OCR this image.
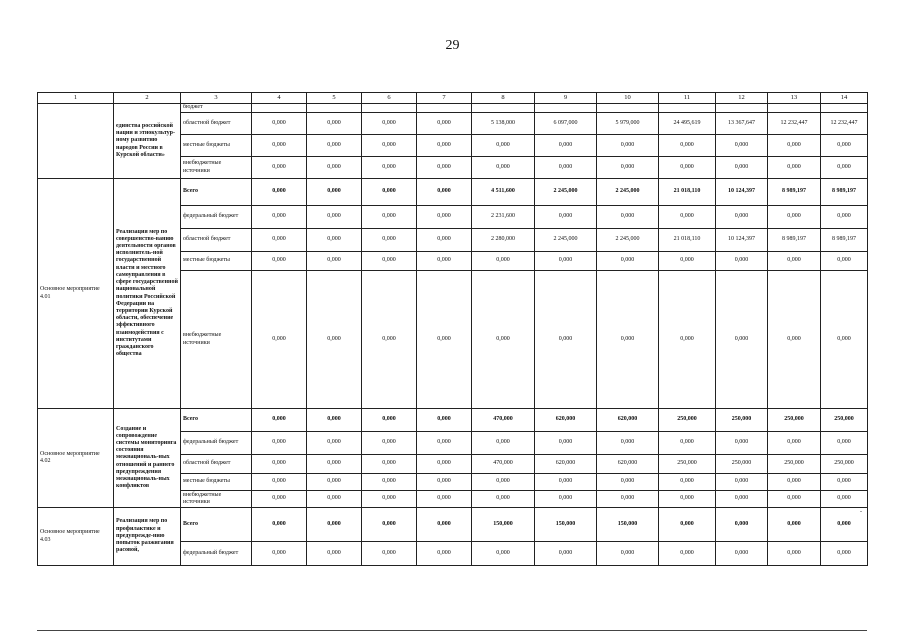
29
1	2	3	4	5	6	7	8	9	10	11	12	13	14
	единства российской нации и этнокультур-ному развитию народов России в Курской области»	бюджет											
		областной бюджет	0,000	0,000	0,000	0,000	5 138,000	6 097,000	5 979,000	24 495,619	13 367,647	12 232,447	12 232,447
		местные бюджеты	0,000	0,000	0,000	0,000	0,000	0,000	0,000	0,000	0,000	0,000	0,000
		внебюджетные источники	0,000	0,000	0,000	0,000	0,000	0,000	0,000	0,000	0,000	0,000	0,000
Основное мероприятие 4.01	Реализация мер по совершенство-ванию деятельности органов исполнитель-ной государственной власти и местного самоуправления в сфере государственной национальной политики Российской Федерации на территории Курской области, обеспечение эффективного взаимодействия с институтами гражданского общества	Всего	0,000	0,000	0,000	0,000	4 511,600	2 245,000	2 245,000	21 018,110	10 124,397	8 989,197	8 989,197
		федеральный бюджет	0,000	0,000	0,000	0,000	2 231,600	0,000	0,000	0,000	0,000	0,000	0,000
		областной бюджет	0,000	0,000	0,000	0,000	2 280,000	2 245,000	2 245,000	21 018,110	10 124,397	8 989,197	8 989,197
		местные бюджеты	0,000	0,000	0,000	0,000	0,000	0,000	0,000	0,000	0,000	0,000	0,000
		внебюджетные источники	0,000	0,000	0,000	0,000	0,000	0,000	0,000	0,000	0,000	0,000	0,000
Основное мероприятие 4.02	Создание и сопровождение системы мониторинга состояния межнациональ-ных отношений и раннего предупреждения межнациональ-ных конфликтов	Всего	0,000	0,000	0,000	0,000	470,000	620,000	620,000	250,000	250,000	250,000	250,000
		федеральный бюджет	0,000	0,000	0,000	0,000	0,000	0,000	0,000	0,000	0,000	0,000	0,000
		областной бюджет	0,000	0,000	0,000	0,000	470,000	620,000	620,000	250,000	250,000	250,000	250,000
		местные бюджеты	0,000	0,000	0,000	0,000	0,000	0,000	0,000	0,000	0,000	0,000	0,000
		внебюджетные источники	0,000	0,000	0,000	0,000	0,000	0,000	0,000	0,000	0,000	0,000	0,000
Основное мероприятие 4.03	Реализация мер по профилактике и предупрежде-нию попыток разжигания расовой,	Всего	0,000	0,000	0,000	0,000	150,000	150,000	150,000	0,000	0,000	0,000	0,000
		федеральный бюджет	0,000	0,000	0,000	0,000	0,000	0,000	0,000	0,000	0,000	0,000	0,000
.
